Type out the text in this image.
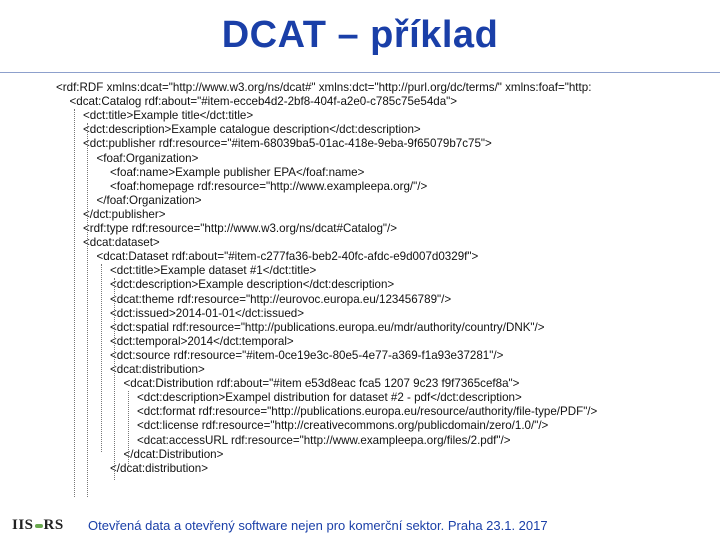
DCAT – příklad
<rdf:RDF xmlns:dcat="http://www.w3.org/ns/dcat#" xmlns:dct="http://purl.org/dc/terms/" xmlns:foaf="http:
<dcat:Catalog rdf:about="#item-ecceb4d2-2bf8-404f-a2e0-c785c75e54da">
<dct:title>Example title</dct:title>
<dct:description>Example catalogue description</dct:description>
<dct:publisher rdf:resource="#item-68039ba5-01ac-418e-9eba-9f65079b7c75">
<foaf:Organization>
<foaf:name>Example publisher EPA</foaf:name>
<foaf:homepage rdf:resource="http://www.exampleepa.org/"/>
</foaf:Organization>
</dct:publisher>
<rdf:type rdf:resource="http://www.w3.org/ns/dcat#Catalog"/>
<dcat:dataset>
<dcat:Dataset rdf:about="#item-c277fa36-beb2-40fc-afdc-e9d007d0329f">
<dct:title>Example dataset #1</dct:title>
<dct:description>Example description</dct:description>
<dcat:theme rdf:resource="http://eurovoc.europa.eu/123456789"/>
<dct:issued>2014-01-01</dct:issued>
<dct:spatial rdf:resource="http://publications.europa.eu/mdr/authority/country/DNK"/>
<dct:temporal>2014</dct:temporal>
<dct:source rdf:resource="#item-0ce19e3c-80e5-4e77-a369-f1a93e37281"/>
<dcat:distribution>
<dcat:Distribution rdf:about="#item e53d8eac fca5 1207 9c23 f9f7365cef8a">
<dct:description>Exampel distribution for dataset #2 - pdf</dct:description>
<dct:format rdf:resource="http://publications.europa.eu/resource/authority/file-type/PDF"/>
<dct:license rdf:resource="http://creativecommons.org/publicdomain/zero/1.0/"/>
<dcat:accessURL rdf:resource="http://www.exampleepa.org/files/2.pdf"/>
</dcat:Distribution>
</dcat:distribution>
IIS RS Otevřená data a otevřený software nejen pro komerční sektor. Praha 23.1. 2017
